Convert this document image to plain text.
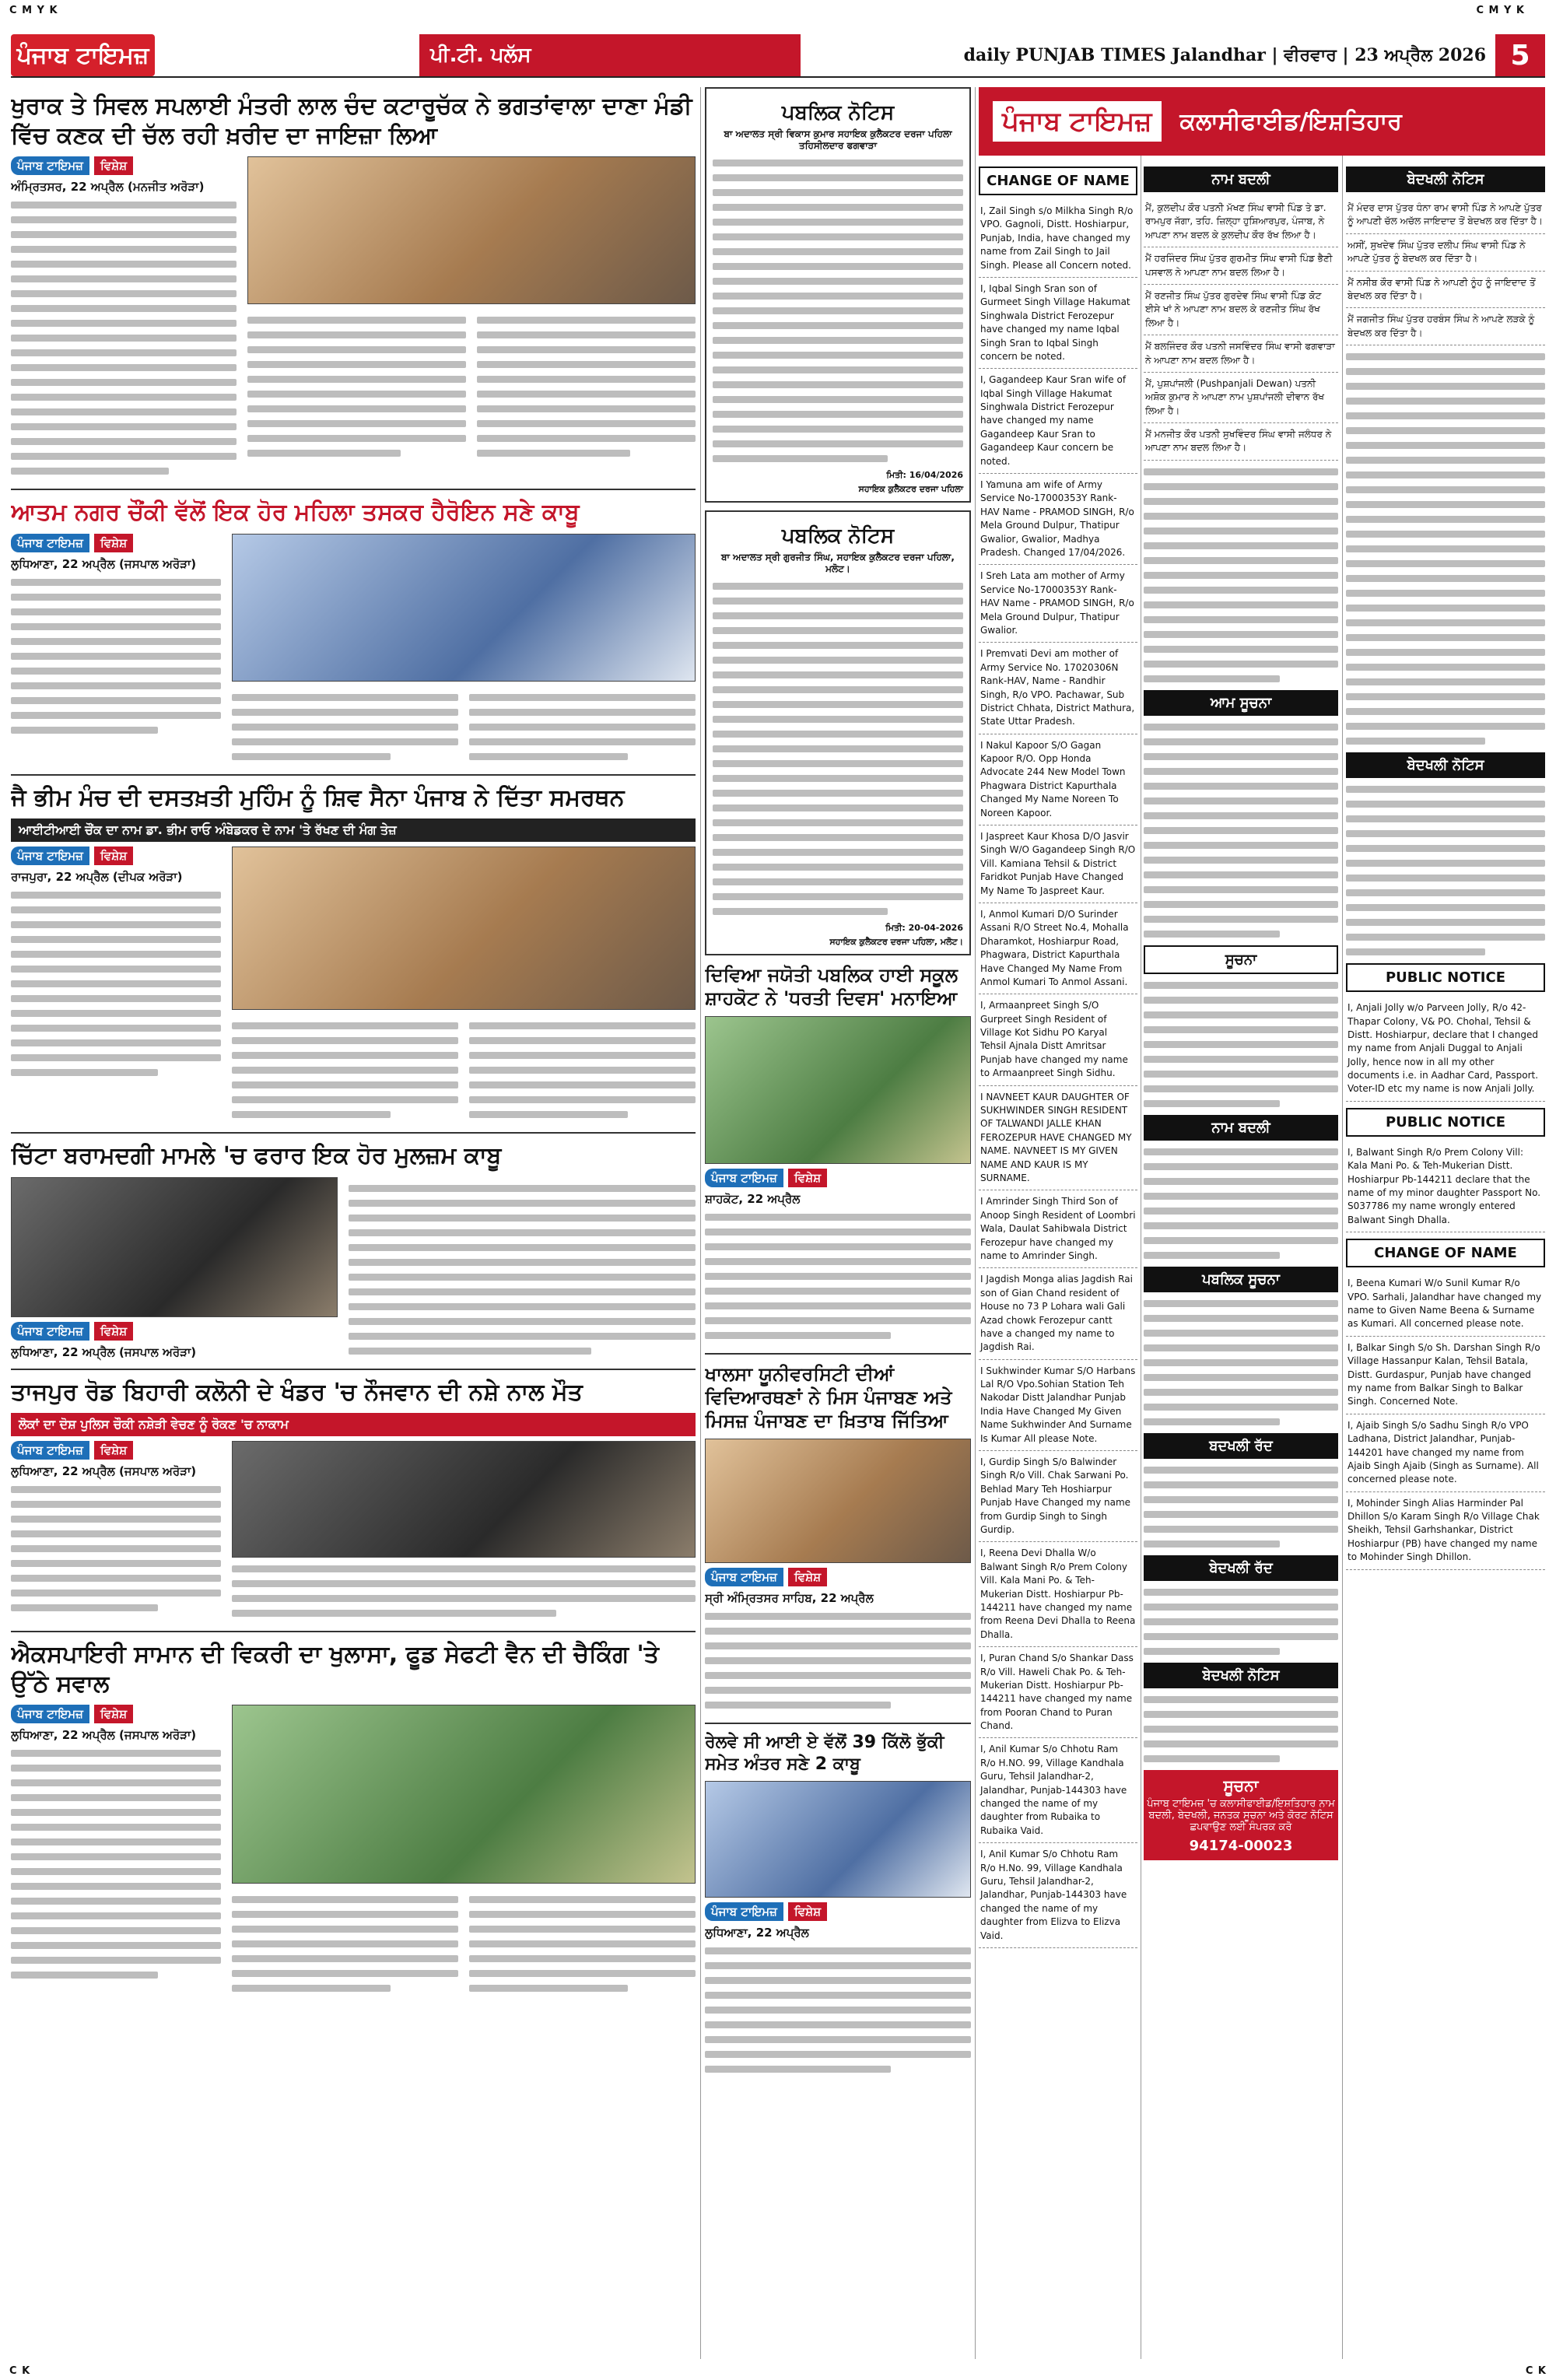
C M Y K	C M Y K
C K	C K
ਪੰਜਾਬ ਟਾਇਮਜ਼	ਪੀ.ਟੀ. ਪਲੱਸ	daily PUNJAB TIMES Jalandhar | ਵੀਰਵਾਰ | 23 ਅਪ੍ਰੈਲ 2026 5
ਖੁਰਾਕ ਤੇ ਸਿਵਲ ਸਪਲਾਈ ਮੰਤਰੀ ਲਾਲ ਚੰਦ ਕਟਾਰੂਚੱਕ ਨੇ ਭਗਤਾਂਵਾਲਾ ਦਾਣਾ ਮੰਡੀ ਵਿੱਚ ਕਣਕ ਦੀ ਚੱਲ ਰਹੀ ਖ਼ਰੀਦ ਦਾ ਜਾਇਜ਼ਾ ਲਿਆ
ਪੰਜਾਬ ਟਾਇਮਜ਼	ਵਿਸ਼ੇਸ਼
ਅੰਮ੍ਰਿਤਸਰ, 22 ਅਪ੍ਰੈਲ (ਮਨਜੀਤ ਅਰੋੜਾ)
ਆਤਮ ਨਗਰ ਚੌਂਕੀ ਵੱਲੋਂ ਇਕ ਹੋਰ ਮਹਿਲਾ ਤਸਕਰ ਹੈਰੋਇਨ ਸਣੇ ਕਾਬੂ
ਪੰਜਾਬ ਟਾਇਮਜ਼	ਵਿਸ਼ੇਸ਼
ਲੁਧਿਆਣਾ, 22 ਅਪ੍ਰੈਲ (ਜਸਪਾਲ ਅਰੋੜਾ)
ਜੈ ਭੀਮ ਮੰਚ ਦੀ ਦਸਤਖ਼ਤੀ ਮੁਹਿੰਮ ਨੂੰ ਸ਼ਿਵ ਸੈਨਾ ਪੰਜਾਬ ਨੇ ਦਿੱਤਾ ਸਮਰਥਨ
ਆਈਟੀਆਈ ਚੌਂਕ ਦਾ ਨਾਮ ਡਾ. ਭੀਮ ਰਾਓ ਅੰਬੇਡਕਰ ਦੇ ਨਾਮ 'ਤੇ ਰੱਖਣ ਦੀ ਮੰਗ ਤੇਜ਼
ਪੰਜਾਬ ਟਾਇਮਜ਼	ਵਿਸ਼ੇਸ਼
ਰਾਜਪੁਰਾ, 22 ਅਪ੍ਰੈਲ (ਦੀਪਕ ਅਰੋੜਾ)
ਚਿੱਟਾ ਬਰਾਮਦਗੀ ਮਾਮਲੇ 'ਚ ਫਰਾਰ ਇਕ ਹੋਰ ਮੁਲਜ਼ਮ ਕਾਬੂ
ਪੰਜਾਬ ਟਾਇਮਜ਼	ਵਿਸ਼ੇਸ਼
ਲੁਧਿਆਣਾ, 22 ਅਪ੍ਰੈਲ (ਜਸਪਾਲ ਅਰੋੜਾ)
ਤਾਜਪੁਰ ਰੋਡ ਬਿਹਾਰੀ ਕਲੋਨੀ ਦੇ ਖੰਡਰ 'ਚ ਨੌਜਵਾਨ ਦੀ ਨਸ਼ੇ ਨਾਲ ਮੌਤ
ਲੋਕਾਂ ਦਾ ਦੋਸ਼ ਪੁਲਿਸ ਚੌਕੀ ਨਸ਼ੇੜੀ ਵੇਚਣ ਨੂੰ ਰੋਕਣ 'ਚ ਨਾਕਾਮ
ਪੰਜਾਬ ਟਾਇਮਜ਼	ਵਿਸ਼ੇਸ਼
ਲੁਧਿਆਣਾ, 22 ਅਪ੍ਰੈਲ (ਜਸਪਾਲ ਅਰੋੜਾ)
ਐਕਸਪਾਇਰੀ ਸਾਮਾਨ ਦੀ ਵਿਕਰੀ ਦਾ ਖੁਲਾਸਾ, ਫੂਡ ਸੇਫਟੀ ਵੈਨ ਦੀ ਚੈਕਿੰਗ 'ਤੇ ਉੱਠੇ ਸਵਾਲ
ਪੰਜਾਬ ਟਾਇਮਜ਼	ਵਿਸ਼ੇਸ਼
ਲੁਧਿਆਣਾ, 22 ਅਪ੍ਰੈਲ (ਜਸਪਾਲ ਅਰੋੜਾ)
ਪਬਲਿਕ ਨੋਟਿਸ
ਬਾ ਅਦਾਲਤ ਸ੍ਰੀ ਵਿਕਾਸ ਕੁਮਾਰ ਸਹਾਇਕ ਕੁਲੈਕਟਰ ਦਰਜਾ ਪਹਿਲਾ ਤਹਿਸੀਲਦਾਰ ਫਗਵਾੜਾ
ਮਿਤੀ: 16/04/2026
ਸਹਾਇਕ ਕੁਲੈਕਟਰ ਦਰਜਾ ਪਹਿਲਾ
ਪਬਲਿਕ ਨੋਟਿਸ
ਬਾ ਅਦਾਲਤ ਸ੍ਰੀ ਗੁਰਜੀਤ ਸਿੰਘ, ਸਹਾਇਕ ਕੁਲੈਕਟਰ ਦਰਜਾ ਪਹਿਲਾ, ਮਲੋਟ।
ਮਿਤੀ: 20-04-2026
ਸਹਾਇਕ ਕੁਲੈਕਟਰ ਦਰਜਾ ਪਹਿਲਾ, ਮਲੋਟ।
ਦਿਵਿਆ ਜਯੋਤੀ ਪਬਲਿਕ ਹਾਈ ਸਕੂਲ ਸ਼ਾਹਕੋਟ ਨੇ 'ਧਰਤੀ ਦਿਵਸ' ਮਨਾਇਆ
ਪੰਜਾਬ ਟਾਇਮਜ਼	ਵਿਸ਼ੇਸ਼
ਸ਼ਾਹਕੋਟ, 22 ਅਪ੍ਰੈਲ
ਖਾਲਸਾ ਯੂਨੀਵਰਸਿਟੀ ਦੀਆਂ ਵਿਦਿਆਰਥਣਾਂ ਨੇ ਮਿਸ ਪੰਜਾਬਣ ਅਤੇ ਮਿਸਜ਼ ਪੰਜਾਬਣ ਦਾ ਖ਼ਿਤਾਬ ਜਿੱਤਿਆ
ਪੰਜਾਬ ਟਾਇਮਜ਼	ਵਿਸ਼ੇਸ਼
ਸ੍ਰੀ ਅੰਮ੍ਰਿਤਸਰ ਸਾਹਿਬ, 22 ਅਪ੍ਰੈਲ
ਰੇਲਵੇ ਸੀ ਆਈ ਏ ਵੱਲੋਂ 39 ਕਿੱਲੋ ਭੁੱਕੀ ਸਮੇਤ ਅੰਤਰ ਸਣੇ 2 ਕਾਬੂ
ਪੰਜਾਬ ਟਾਇਮਜ਼	ਵਿਸ਼ੇਸ਼
ਲੁਧਿਆਣਾ, 22 ਅਪ੍ਰੈਲ
ਪੰਜਾਬ ਟਾਇਮਜ਼	ਕਲਾਸੀਫਾਈਡ/ਇਸ਼ਤਿਹਾਰ
CHANGE OF NAME
I, Zail Singh s/o Milkha Singh R/o VPO. Gagnoli, Distt. Hoshiarpur, Punjab, India, have changed my name from Zail Singh to Jail Singh. Please all Concern noted.
I, Iqbal Singh Sran son of Gurmeet Singh Village Hakumat Singhwala District Ferozepur have changed my name Iqbal Singh Sran to Iqbal Singh concern be noted.
I, Gagandeep Kaur Sran wife of Iqbal Singh Village Hakumat Singhwala District Ferozepur have changed my name Gagandeep Kaur Sran to Gagandeep Kaur concern be noted.
I Yamuna am wife of Army Service No-17000353Y Rank-HAV Name - PRAMOD SINGH, R/o Mela Ground Dulpur, Thatipur Gwalior, Gwalior, Madhya Pradesh. Changed 17/04/2026.
I Sreh Lata am mother of Army Service No-17000353Y Rank-HAV Name - PRAMOD SINGH, R/o Mela Ground Dulpur, Thatipur Gwalior.
I Premvati Devi am mother of Army Service No. 17020306N Rank-HAV, Name - Randhir Singh, R/o VPO. Pachawar, Sub District Chhata, District Mathura, State Uttar Pradesh.
I Nakul Kapoor S/O Gagan Kapoor R/O. Opp Honda Advocate 244 New Model Town Phagwara District Kapurthala Changed My Name Noreen To Noreen Kapoor.
I Jaspreet Kaur Khosa D/O Jasvir Singh W/O Gagandeep Singh R/O Vill. Kamiana Tehsil & District Faridkot Punjab Have Changed My Name To Jaspreet Kaur.
I, Anmol Kumari D/O Surinder Assani R/O Street No.4, Mohalla Dharamkot, Hoshiarpur Road, Phagwara, District Kapurthala Have Changed My Name From Anmol Kumari To Anmol Assani.
I, Armaanpreet Singh S/O Gurpreet Singh Resident of Village Kot Sidhu PO Karyal Tehsil Ajnala Distt Amritsar Punjab have changed my name to Armaanpreet Singh Sidhu.
I NAVNEET KAUR DAUGHTER OF SUKHWINDER SINGH RESIDENT OF TALWANDI JALLE KHAN FEROZEPUR HAVE CHANGED MY NAME. NAVNEET IS MY GIVEN NAME AND KAUR IS MY SURNAME.
I Amrinder Singh Third Son of Anoop Singh Resident of Loombri Wala, Daulat Sahibwala District Ferozepur have changed my name to Amrinder Singh.
I Jagdish Monga alias Jagdish Rai son of Gian Chand resident of House no 73 P Lohara wali Gali Azad chowk Ferozepur cantt have a changed my name to Jagdish Rai.
I Sukhwinder Kumar S/O Harbans Lal R/O Vpo.Sohian Station Teh Nakodar Distt Jalandhar Punjab India Have Changed My Given Name Sukhwinder And Surname Is Kumar All please Note.
I, Gurdip Singh S/o Balwinder Singh R/o Vill. Chak Sarwani Po. Behlad Mary Teh Hoshiarpur Punjab Have Changed my name from Gurdip Singh to Singh Gurdip.
I, Reena Devi Dhalla W/o Balwant Singh R/o Prem Colony Vill. Kala Mani Po. & Teh-Mukerian Distt. Hoshiarpur Pb-144211 have changed my name from Reena Devi Dhalla to Reena Dhalla.
I, Puran Chand S/o Shankar Dass R/o Vill. Haweli Chak Po. & Teh-Mukerian Distt. Hoshiarpur Pb-144211 have changed my name from Pooran Chand to Puran Chand.
I, Anil Kumar S/o Chhotu Ram R/o H.NO. 99, Village Kandhala Guru, Tehsil Jalandhar-2, Jalandhar, Punjab-144303 have changed the name of my daughter from Rubaika to Rubaika Vaid.
I, Anil Kumar S/o Chhotu Ram R/o H.No. 99, Village Kandhala Guru, Tehsil Jalandhar-2, Jalandhar, Punjab-144303 have changed the name of my daughter from Elizva to Elizva Vaid.
ਨਾਮ ਬਦਲੀ
ਮੈਂ, ਕੁਲਦੀਪ ਕੌਰ ਪਤਨੀ ਮੱਖਣ ਸਿੰਘ ਵਾਸੀ ਪਿੰਡ ਤੇ ਡਾ. ਰਾਮਪੁਰ ਜੱਗਾ, ਤਹਿ. ਜ਼ਿਲ੍ਹਾ ਹੁਸ਼ਿਆਰਪੁਰ, ਪੰਜਾਬ, ਨੇ ਆਪਣਾ ਨਾਮ ਬਦਲ ਕੇ ਕੁਲਦੀਪ ਕੌਰ ਰੱਖ ਲਿਆ ਹੈ।
ਮੈਂ ਹਰਜਿੰਦਰ ਸਿੰਘ ਪੁੱਤਰ ਗੁਰਮੀਤ ਸਿੰਘ ਵਾਸੀ ਪਿੰਡ ਭੈਣੀ ਪਸਵਾਲ ਨੇ ਆਪਣਾ ਨਾਮ ਬਦਲ ਲਿਆ ਹੈ।
ਮੈਂ ਰਣਜੀਤ ਸਿੰਘ ਪੁੱਤਰ ਗੁਰਦੇਵ ਸਿੰਘ ਵਾਸੀ ਪਿੰਡ ਕੋਟ ਈਸੇ ਖਾਂ ਨੇ ਆਪਣਾ ਨਾਮ ਬਦਲ ਕੇ ਰਣਜੀਤ ਸਿੰਘ ਰੱਖ ਲਿਆ ਹੈ।
ਮੈਂ ਬਲਜਿੰਦਰ ਕੌਰ ਪਤਨੀ ਜਸਵਿੰਦਰ ਸਿੰਘ ਵਾਸੀ ਫਗਵਾੜਾ ਨੇ ਆਪਣਾ ਨਾਮ ਬਦਲ ਲਿਆ ਹੈ।
ਮੈਂ, ਪੁਸ਼ਪਾਂਜਲੀ (Pushpanjali Dewan) ਪਤਨੀ ਅਸ਼ੋਕ ਕੁਮਾਰ ਨੇ ਆਪਣਾ ਨਾਮ ਪੁਸ਼ਪਾਂਜਲੀ ਦੀਵਾਨ ਰੱਖ ਲਿਆ ਹੈ।
ਮੈਂ ਮਨਜੀਤ ਕੌਰ ਪਤਨੀ ਸੁਖਵਿੰਦਰ ਸਿੰਘ ਵਾਸੀ ਜਲੰਧਰ ਨੇ ਆਪਣਾ ਨਾਮ ਬਦਲ ਲਿਆ ਹੈ।
ਆਮ ਸੂਚਨਾ
ਸੂਚਨਾ
ਨਾਮ ਬਦਲੀ
ਪਬਲਿਕ ਸੂਚਨਾ
ਬਦਖਲੀ ਰੱਦ
ਬੇਦਖਲੀ ਰੱਦ
ਬੇਦਖਲੀ ਨੋਟਿਸ
ਸੂਚਨਾ
ਪੰਜਾਬ ਟਾਇਮਜ਼ 'ਚ ਕਲਾਸੀਫਾਈਡ/ਇਸ਼ਤਿਹਾਰ ਨਾਮ ਬਦਲੀ, ਬੇਦਖਲੀ, ਜਨਤਕ ਸੂਚਨਾ ਅਤੇ ਕੋਰਟ ਨੋਟਿਸ ਛਪਵਾਉਣ ਲਈ ਸੰਪਰਕ ਕਰੋ
94174-00023
ਬੇਦਖਲੀ ਨੋਟਿਸ
ਮੈਂ ਮੰਦਰ ਦਾਸ ਪੁੱਤਰ ਧੰਨਾ ਰਾਮ ਵਾਸੀ ਪਿੰਡ ਨੇ ਆਪਣੇ ਪੁੱਤਰ ਨੂੰ ਆਪਣੀ ਚੱਲ ਅਚੱਲ ਜਾਇਦਾਦ ਤੋਂ ਬੇਦਖਲ ਕਰ ਦਿੱਤਾ ਹੈ।
ਅਸੀਂ, ਸੁਖਦੇਵ ਸਿੰਘ ਪੁੱਤਰ ਦਲੀਪ ਸਿੰਘ ਵਾਸੀ ਪਿੰਡ ਨੇ ਆਪਣੇ ਪੁੱਤਰ ਨੂੰ ਬੇਦਖਲ ਕਰ ਦਿੱਤਾ ਹੈ।
ਮੈਂ ਨਸੀਬ ਕੌਰ ਵਾਸੀ ਪਿੰਡ ਨੇ ਆਪਣੀ ਨੂੰਹ ਨੂੰ ਜਾਇਦਾਦ ਤੋਂ ਬੇਦਖਲ ਕਰ ਦਿੱਤਾ ਹੈ।
ਮੈਂ ਜਗਜੀਤ ਸਿੰਘ ਪੁੱਤਰ ਹਰਬੰਸ ਸਿੰਘ ਨੇ ਆਪਣੇ ਲੜਕੇ ਨੂੰ ਬੇਦਖਲ ਕਰ ਦਿੱਤਾ ਹੈ।
ਬੇਦਖਲੀ ਨੋਟਿਸ
PUBLIC NOTICE
I, Anjali Jolly w/o Parveen Jolly, R/o 42-Thapar Colony, V& PO. Chohal, Tehsil & Distt. Hoshiarpur, declare that I changed my name from Anjali Duggal to Anjali Jolly, hence now in all my other documents i.e. in Aadhar Card, Passport. Voter-ID etc my name is now Anjali Jolly.
PUBLIC NOTICE
I, Balwant Singh R/o Prem Colony Vill: Kala Mani Po. & Teh-Mukerian Distt. Hoshiarpur Pb-144211 declare that the name of my minor daughter Passport No. S037786 my name wrongly entered Balwant Singh Dhalla.
CHANGE OF NAME
I, Beena Kumari W/o Sunil Kumar R/o VPO. Sarhali, Jalandhar have changed my name to Given Name Beena & Surname as Kumari. All concerned please note.
I, Balkar Singh S/o Sh. Darshan Singh R/o Village Hassanpur Kalan, Tehsil Batala, Distt. Gurdaspur, Punjab have changed my name from Balkar Singh to Balkar Singh. Concerned Note.
I, Ajaib Singh S/o Sadhu Singh R/o VPO Ladhana, District Jalandhar, Punjab-144201 have changed my name from Ajaib Singh Ajaib (Singh as Surname). All concerned please note.
I, Mohinder Singh Alias Harminder Pal Dhillon S/o Karam Singh R/o Village Chak Sheikh, Tehsil Garhshankar, District Hoshiarpur (PB) have changed my name to Mohinder Singh Dhillon.
